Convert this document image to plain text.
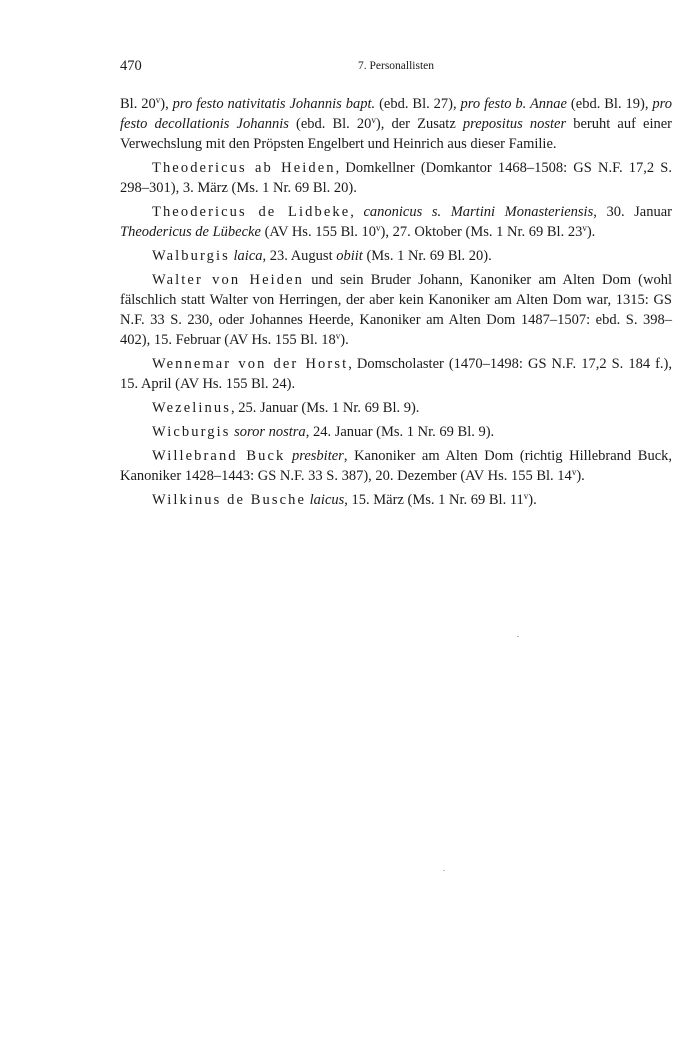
470	7. Personallisten

Bl. 20$^v$), pro festo nativitatis Johannis bapt. (ebd. Bl. 27), pro festo b. Annae (ebd. Bl. 19), pro festo decollationis Johannis (ebd. Bl. 20$^v$), der Zusatz prepositus noster beruht auf einer Verwechslung mit den Pröpsten Engelbert und Heinrich aus dieser Familie.

Theodericus ab Heiden, Domkellner (Domkantor 1468–1508: GS N.F. 17,2 S. 298–301), 3. März (Ms. 1 Nr. 69 Bl. 20).

Theodericus de Lidbeke, canonicus s. Martini Monasteriensis, 30. Januar Theodericus de Lübecke (AV Hs. 155 Bl. 10$^v$), 27. Oktober (Ms. 1 Nr. 69 Bl. 23$^v$).

Walburgis laica, 23. August obiit (Ms. 1 Nr. 69 Bl. 20).

Walter von Heiden und sein Bruder Johann, Kanoniker am Alten Dom (wohl fälschlich statt Walter von Herringen, der aber kein Kanoniker am Alten Dom war, 1315: GS N.F. 33 S. 230, oder Johannes Heerde, Kanoniker am Alten Dom 1487–1507: ebd. S. 398–402), 15. Februar (AV Hs. 155 Bl. 18$^v$).

Wennemar von der Horst, Domscholaster (1470–1498: GS N.F. 17,2 S. 184 f.), 15. April (AV Hs. 155 Bl. 24).

Wezelinus, 25. Januar (Ms. 1 Nr. 69 Bl. 9).

Wicburgis soror nostra, 24. Januar (Ms. 1 Nr. 69 Bl. 9).

Willebrand Buck presbiter, Kanoniker am Alten Dom (richtig Hillebrand Buck, Kanoniker 1428–1443: GS N.F. 33 S. 387), 20. Dezember (AV Hs. 155 Bl. 14$^v$).

Wilkinus de Busche laicus, 15. März (Ms. 1 Nr. 69 Bl. 11$^v$).
